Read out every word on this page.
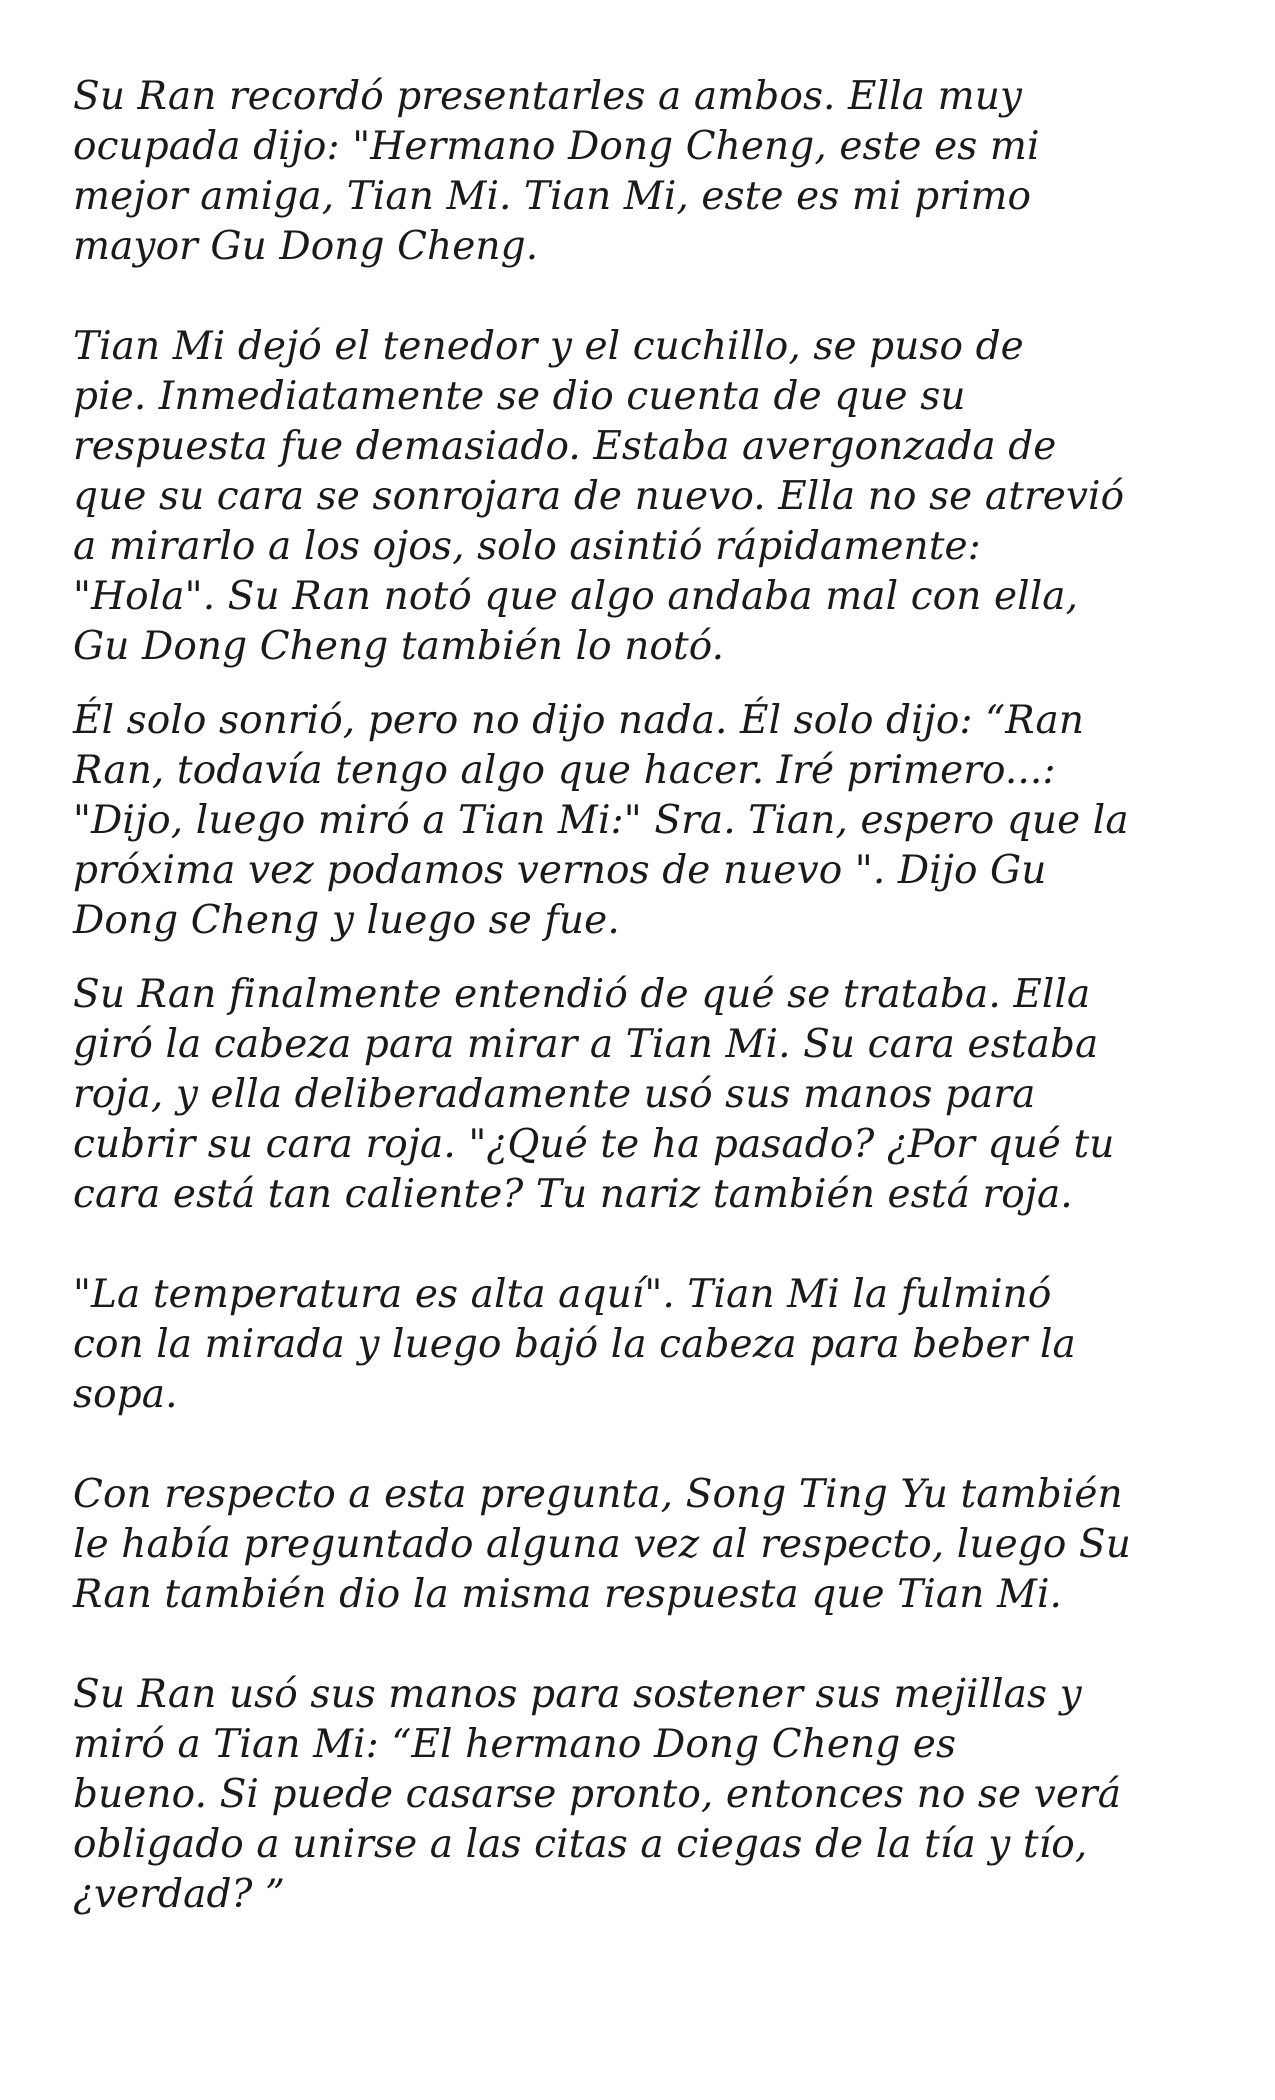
Su Ran recordó presentarles a ambos. Ella muy
ocupada dijo: "Hermano Dong Cheng, este es mi
mejor amiga, Tian Mi. Tian Mi, este es mi primo
mayor Gu Dong Cheng.

Tian Mi dejó el tenedor y el cuchillo, se puso de
pie. Inmediatamente se dio cuenta de que su
respuesta fue demasiado. Estaba avergonzada de
que su cara se sonrojara de nuevo. Ella no se atrevió
a mirarlo a los ojos, solo asintió rápidamente:
"Hola". Su Ran notó que algo andaba mal con ella,
Gu Dong Cheng también lo notó.

Él solo sonrió, pero no dijo nada. Él solo dijo: “Ran
Ran, todavía tengo algo que hacer. Iré primero...:
"Dijo, luego miró a Tian Mi:" Sra. Tian, espero que la
próxima vez podamos vernos de nuevo ". Dijo Gu
Dong Cheng y luego se fue.

Su Ran finalmente entendió de qué se trataba. Ella
giró la cabeza para mirar a Tian Mi. Su cara estaba
roja, y ella deliberadamente usó sus manos para
cubrir su cara roja. "¿Qué te ha pasado? ¿Por qué tu
cara está tan caliente? Tu nariz también está roja.

"La temperatura es alta aquí". Tian Mi la fulminó
con la mirada y luego bajó la cabeza para beber la
sopa.

Con respecto a esta pregunta, Song Ting Yu también
le había preguntado alguna vez al respecto, luego Su
Ran también dio la misma respuesta que Tian Mi.

Su Ran usó sus manos para sostener sus mejillas y
miró a Tian Mi: “El hermano Dong Cheng es
bueno. Si puede casarse pronto, entonces no se verá
obligado a unirse a las citas a ciegas de la tía y tío,
¿verdad? ”
